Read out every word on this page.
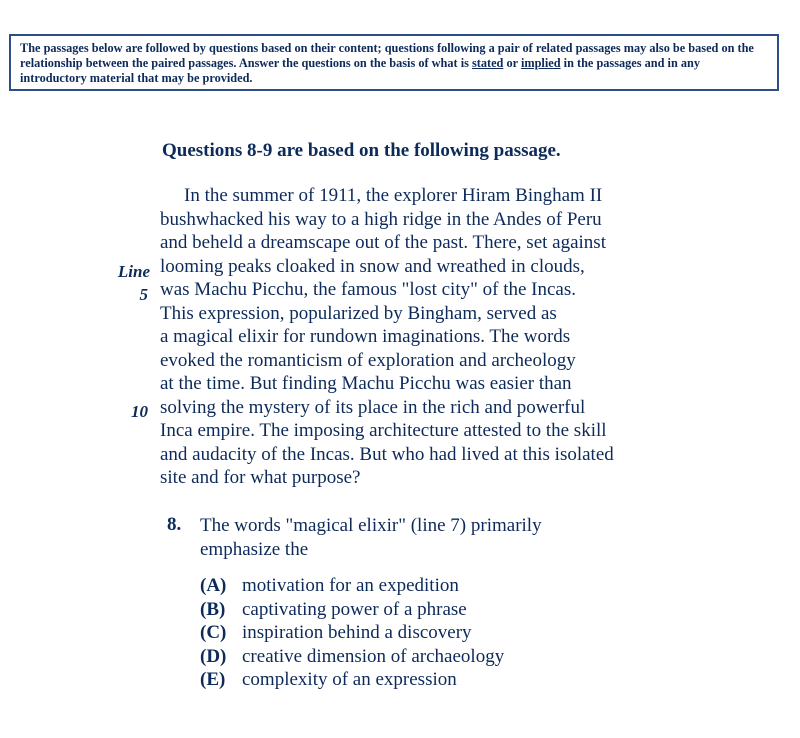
The passages below are followed by questions based on their content; questions following a pair of related passages may also be based on the relationship between the paired passages. Answer the questions on the basis of what is stated or implied in the passages and in any introductory material that may be provided.
Questions 8-9 are based on the following passage.
Line
5
10
In the summer of 1911, the explorer Hiram Bingham II
bushwhacked his way to a high ridge in the Andes of Peru
and beheld a dreamscape out of the past. There, set against
looming peaks cloaked in snow and wreathed in clouds,
was Machu Picchu, the famous "lost city" of the Incas.
This expression, popularized by Bingham, served as
a magical elixir for rundown imaginations. The words
evoked the romanticism of exploration and archeology
at the time. But finding Machu Picchu was easier than
solving the mystery of its place in the rich and powerful
Inca empire. The imposing architecture attested to the skill
and audacity of the Incas. But who had lived at this isolated
site and for what purpose?
8. The words "magical elixir" (line 7) primarily
emphasize the
(A) motivation for an expedition
(B) captivating power of a phrase
(C) inspiration behind a discovery
(D) creative dimension of archaeology
(E) complexity of an expression
